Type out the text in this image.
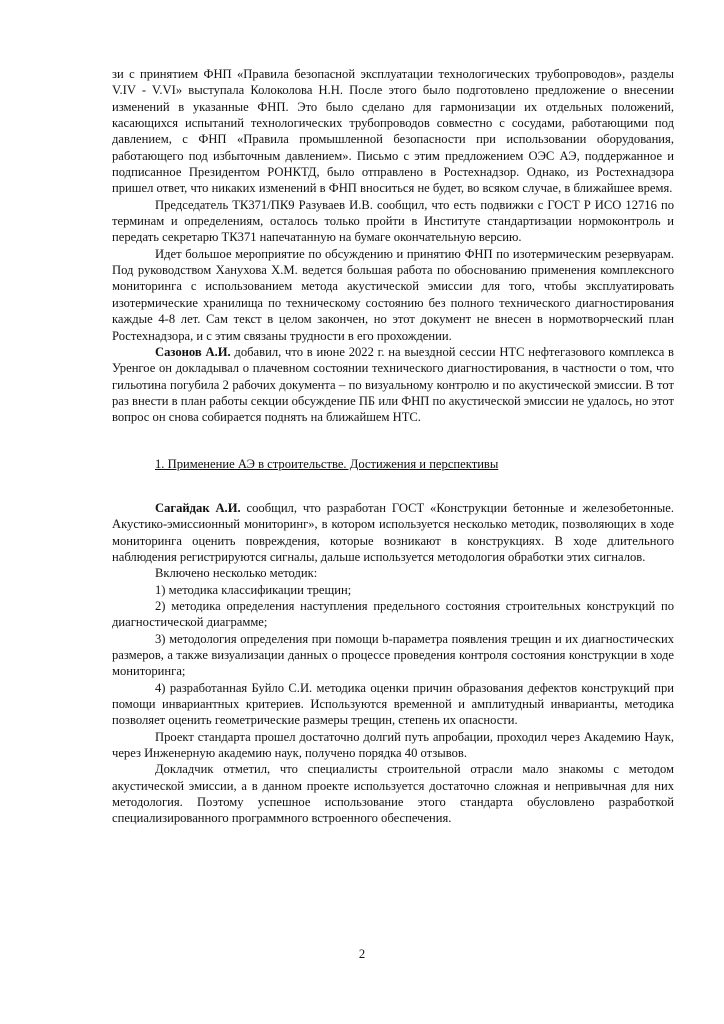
зи с принятием ФНП «Правила безопасной эксплуатации технологических трубопроводов», разделы V.IV - V.VI» выступала Колоколова Н.Н. После этого было подготовлено предложение о внесении изменений в указанные ФНП. Это было сделано для гармонизации их отдельных положений, касающихся испытаний технологических трубопроводов совместно с сосудами, работающими под давлением, с ФНП «Правила промышленной безопасности при использовании оборудования, работающего под избыточным давлением». Письмо с этим предложением ОЭС АЭ, поддержанное и подписанное Президентом РОНКТД, было отправлено в Ростехнадзор. Однако, из Ростехнадзора пришел ответ, что никаких изменений в ФНП вноситься не будет, во всяком случае, в ближайшее время.

Председатель ТК371/ПК9 Разуваев И.В. сообщил, что есть подвижки с ГОСТ Р ИСО 12716 по терминам и определениям, осталось только пройти в Институте стандартизации нормоконтроль и передать секретарю ТК371 напечатанную на бумаге окончательную версию.

Идет большое мероприятие по обсуждению и принятию ФНП по изотермическим резервуарам. Под руководством Ханухова Х.М. ведется большая работа по обоснованию применения комплексного мониторинга с использованием метода акустической эмиссии для того, чтобы эксплуатировать изотермические хранилища по техническому состоянию без полного технического диагностирования каждые 4-8 лет. Сам текст в целом закончен, но этот документ не внесен в нормотворческий план Ростехнадзора, и с этим связаны трудности в его прохождении.

Сазонов А.И. добавил, что в июне 2022 г. на выездной сессии НТС нефтегазового комплекса в Уренгое он докладывал о плачевном состоянии технического диагностирования, в частности о том, что гильотина погубила 2 рабочих документа – по визуальному контролю и по акустической эмиссии. В тот раз внести в план работы секции обсуждение ПБ или ФНП по акустической эмиссии не удалось, но этот вопрос он снова собирается поднять на ближайшем НТС.

1. Применение АЭ в строительстве. Достижения и перспективы

Сагайдак А.И. сообщил, что разработан ГОСТ «Конструкции бетонные и железобетонные. Акустико-эмиссионный мониторинг», в котором используется несколько методик, позволяющих в ходе мониторинга оценить повреждения, которые возникают в конструкциях. В ходе длительного наблюдения регистрируются сигналы, дальше используется методология обработки этих сигналов.

Включено несколько методик:

1) методика классификации трещин;

2) методика определения наступления предельного состояния строительных конструкций по диагностической диаграмме;

3) методология определения при помощи b-параметра появления трещин и их диагностических размеров, а также визуализации данных о процессе проведения контроля состояния конструкции в ходе мониторинга;

4) разработанная Буйло С.И. методика оценки причин образования дефектов конструкций при помощи инвариантных критериев. Используются временной и амплитудный инварианты, методика позволяет оценить геометрические размеры трещин, степень их опасности.

Проект стандарта прошел достаточно долгий путь апробации, проходил через Академию Наук, через Инженерную академию наук, получено порядка 40 отзывов.

Докладчик отметил, что специалисты строительной отрасли мало знакомы с методом акустической эмиссии, а в данном проекте используется достаточно сложная и непривычная для них методология. Поэтому успешное использование этого стандарта обусловлено разработкой специализированного программного встроенного обеспечения.

2
